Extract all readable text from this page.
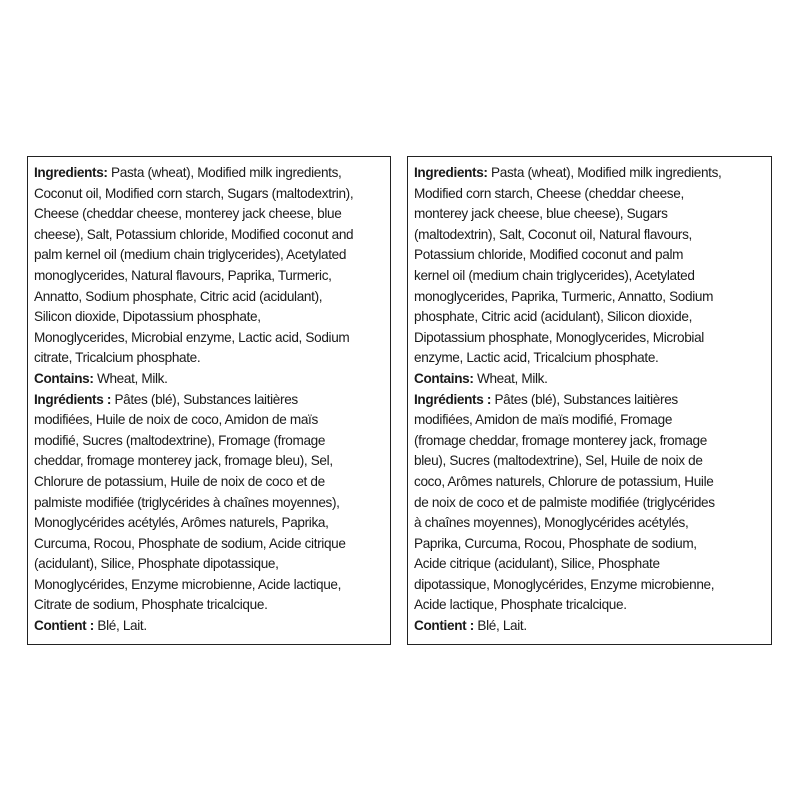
Ingredients: Pasta (wheat), Modified milk ingredients,
Coconut oil, Modified corn starch, Sugars (maltodextrin),
Cheese (cheddar cheese, monterey jack cheese, blue
cheese), Salt, Potassium chloride, Modified coconut and
palm kernel oil (medium chain triglycerides), Acetylated
monoglycerides, Natural flavours, Paprika, Turmeric,
Annatto, Sodium phosphate, Citric acid (acidulant),
Silicon dioxide, Dipotassium phosphate,
Monoglycerides, Microbial enzyme, Lactic acid, Sodium
citrate, Tricalcium phosphate.
Contains: Wheat, Milk.
Ingrédients : Pâtes (blé), Substances laitières
modifiées, Huile de noix de coco, Amidon de maïs
modifié, Sucres (maltodextrine), Fromage (fromage
cheddar, fromage monterey jack, fromage bleu), Sel,
Chlorure de potassium, Huile de noix de coco et de
palmiste modifiée (triglycérides à chaînes moyennes),
Monoglycérides acétylés, Arômes naturels, Paprika,
Curcuma, Rocou, Phosphate de sodium, Acide citrique
(acidulant), Silice, Phosphate dipotassique,
Monoglycérides, Enzyme microbienne, Acide lactique,
Citrate de sodium, Phosphate tricalcique.
Contient : Blé, Lait.
Ingredients: Pasta (wheat), Modified milk ingredients,
Modified corn starch, Cheese (cheddar cheese,
monterey jack cheese, blue cheese), Sugars
(maltodextrin), Salt, Coconut oil, Natural flavours,
Potassium chloride, Modified coconut and palm
kernel oil (medium chain triglycerides), Acetylated
monoglycerides, Paprika, Turmeric, Annatto, Sodium
phosphate, Citric acid (acidulant), Silicon dioxide,
Dipotassium phosphate, Monoglycerides, Microbial
enzyme, Lactic acid, Tricalcium phosphate.
Contains: Wheat, Milk.
Ingrédients : Pâtes (blé), Substances laitières
modifiées, Amidon de maïs modifié, Fromage
(fromage cheddar, fromage monterey jack, fromage
bleu), Sucres (maltodextrine), Sel, Huile de noix de
coco, Arômes naturels, Chlorure de potassium, Huile
de noix de coco et de palmiste modifiée (triglycérides
à chaînes moyennes), Monoglycérides acétylés,
Paprika, Curcuma, Rocou, Phosphate de sodium,
Acide citrique (acidulant), Silice, Phosphate
dipotassique, Monoglycérides, Enzyme microbienne,
Acide lactique, Phosphate tricalcique.
Contient : Blé, Lait.
